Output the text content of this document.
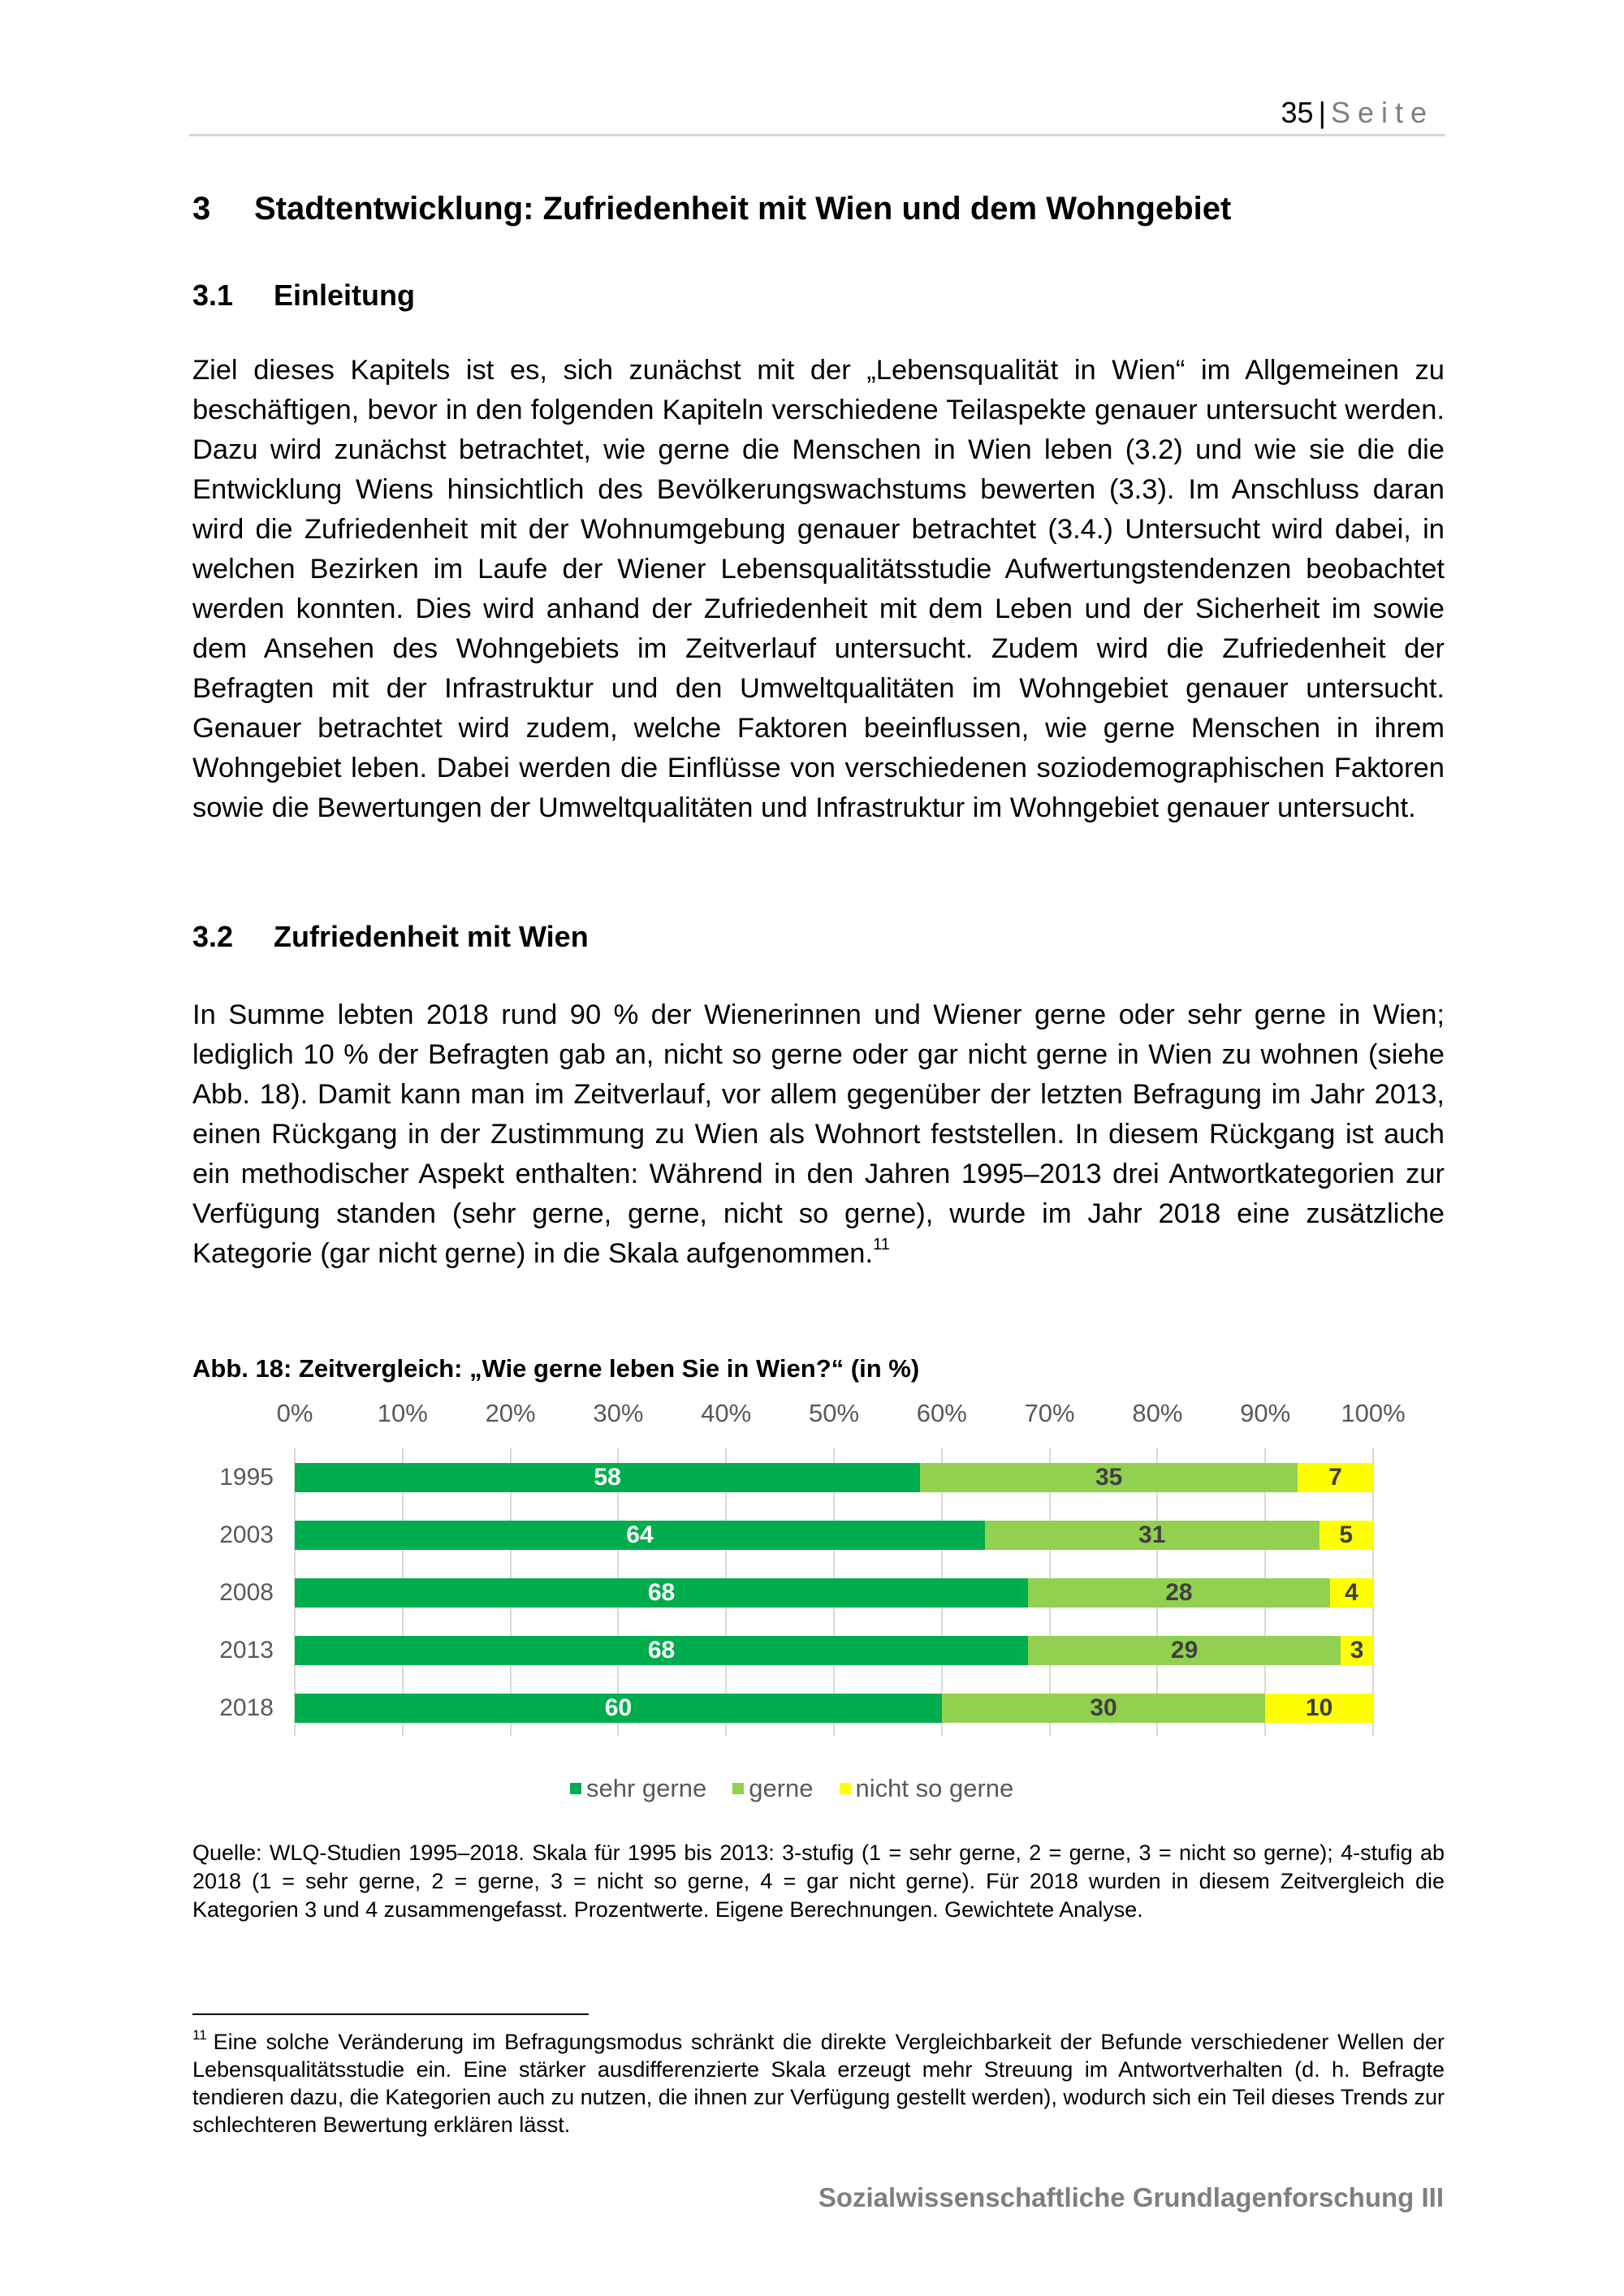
35 | Seite
3 Stadtentwicklung: Zufriedenheit mit Wien und dem Wohngebiet
3.1 Einleitung
Ziel dieses Kapitels ist es, sich zunächst mit der „Lebensqualität in Wien“ im Allgemeinen zu beschäftigen, bevor in den folgenden Kapiteln verschiedene Teilaspekte genauer untersucht werden. Dazu wird zunächst betrachtet, wie gerne die Menschen in Wien leben (3.2) und wie sie die die Entwicklung Wiens hinsichtlich des Bevölkerungswachstums bewerten (3.3). Im Anschluss daran wird die Zufriedenheit mit der Wohnumgebung genauer betrachtet (3.4.) Untersucht wird dabei, in welchen Bezirken im Laufe der Wiener Lebensqualitätsstudie Aufwertungstendenzen beobachtet werden konnten. Dies wird anhand der Zufriedenheit mit dem Leben und der Sicherheit im sowie dem Ansehen des Wohngebiets im Zeitverlauf untersucht. Zudem wird die Zufriedenheit der Befragten mit der Infrastruktur und den Umweltqualitäten im Wohngebiet genauer untersucht. Genauer betrachtet wird zudem, welche Faktoren beeinflussen, wie gerne Menschen in ihrem Wohngebiet leben. Dabei werden die Einflüsse von verschiedenen soziodemographischen Faktoren sowie die Bewertungen der Umweltqualitäten und Infrastruktur im Wohngebiet genauer untersucht.
3.2 Zufriedenheit mit Wien
In Summe lebten 2018 rund 90 % der Wienerinnen und Wiener gerne oder sehr gerne in Wien; lediglich 10 % der Befragten gab an, nicht so gerne oder gar nicht gerne in Wien zu wohnen (siehe Abb. 18). Damit kann man im Zeitverlauf, vor allem gegenüber der letzten Befragung im Jahr 2013, einen Rückgang in der Zustimmung zu Wien als Wohnort feststellen. In diesem Rückgang ist auch ein methodischer Aspekt enthalten: Während in den Jahren 1995–2013 drei Antwortkategorien zur Verfügung standen (sehr gerne, gerne, nicht so gerne), wurde im Jahr 2018 eine zusätzliche Kategorie (gar nicht gerne) in die Skala aufgenommen.$^{11}$
Abb. 18: Zeitvergleich: „Wie gerne leben Sie in Wien?“ (in %)
0%	10% 20% 30% 40% 50% 60% 70% 80% 90% 100%
1995	58	35	7
2003	64	31	5
2008	68	28	4
2013	68	29	3
2018	60	30	10
sehr gerne gerne nicht so gerne
Quelle: WLQ-Studien 1995–2018. Skala für 1995 bis 2013: 3-stufig (1 = sehr gerne, 2 = gerne, 3 = nicht so gerne); 4-stufig ab 2018 (1 = sehr gerne, 2 = gerne, 3 = nicht so gerne, 4 = gar nicht gerne). Für 2018 wurden in diesem Zeitvergleich die Kategorien 3 und 4 zusammengefasst. Prozentwerte. Eigene Berechnungen. Gewichtete Analyse.
$^{11}$ Eine solche Veränderung im Befragungsmodus schränkt die direkte Vergleichbarkeit der Befunde verschiedener Wellen der Lebensqualitätsstudie ein. Eine stärker ausdifferenzierte Skala erzeugt mehr Streuung im Antwortverhalten (d. h. Befragte tendieren dazu, die Kategorien auch zu nutzen, die ihnen zur Verfügung gestellt werden), wodurch sich ein Teil dieses Trends zur schlechteren Bewertung erklären lässt.
Sozialwissenschaftliche Grundlagenforschung III
